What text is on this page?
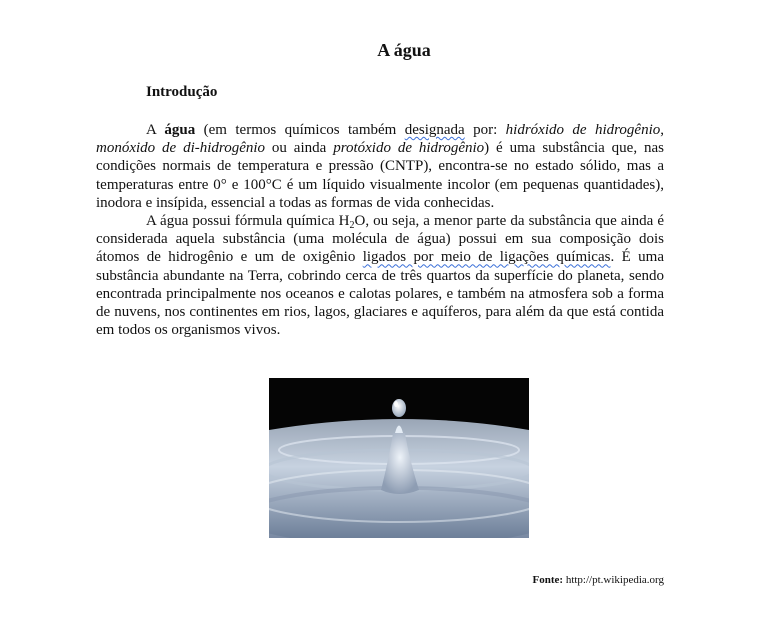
A água
Introdução

A água (em termos químicos também designada por: hidróxido de hidrogênio, monóxido de di-hidrogênio ou ainda protóxido de hidrogênio) é uma substância que, nas condições normais de temperatura e pressão (CNTP), encontra-se no estado sólido, mas a temperaturas entre 0° e 100°C é um líquido visualmente incolor (em pequenas quantidades), inodora e insípida, essencial a todas as formas de vida conhecidas.

A água possui fórmula química $H_2O$, ou seja, a menor parte da substância que ainda é considerada aquela substância (uma molécula de água) possui em sua composição dois átomos de hidrogênio e um de oxigênio ligados por meio de ligações químicas. É uma substância abundante na Terra, cobrindo cerca de três quartos da superfície do planeta, sendo encontrada principalmente nos oceanos e calotas polares, e também na atmosfera sob a forma de nuvens, nos continentes em rios, lagos, glaciares e aquíferos, para além da que está contida em todos os organismos vivos.

Fonte: http://pt.wikipedia.org
